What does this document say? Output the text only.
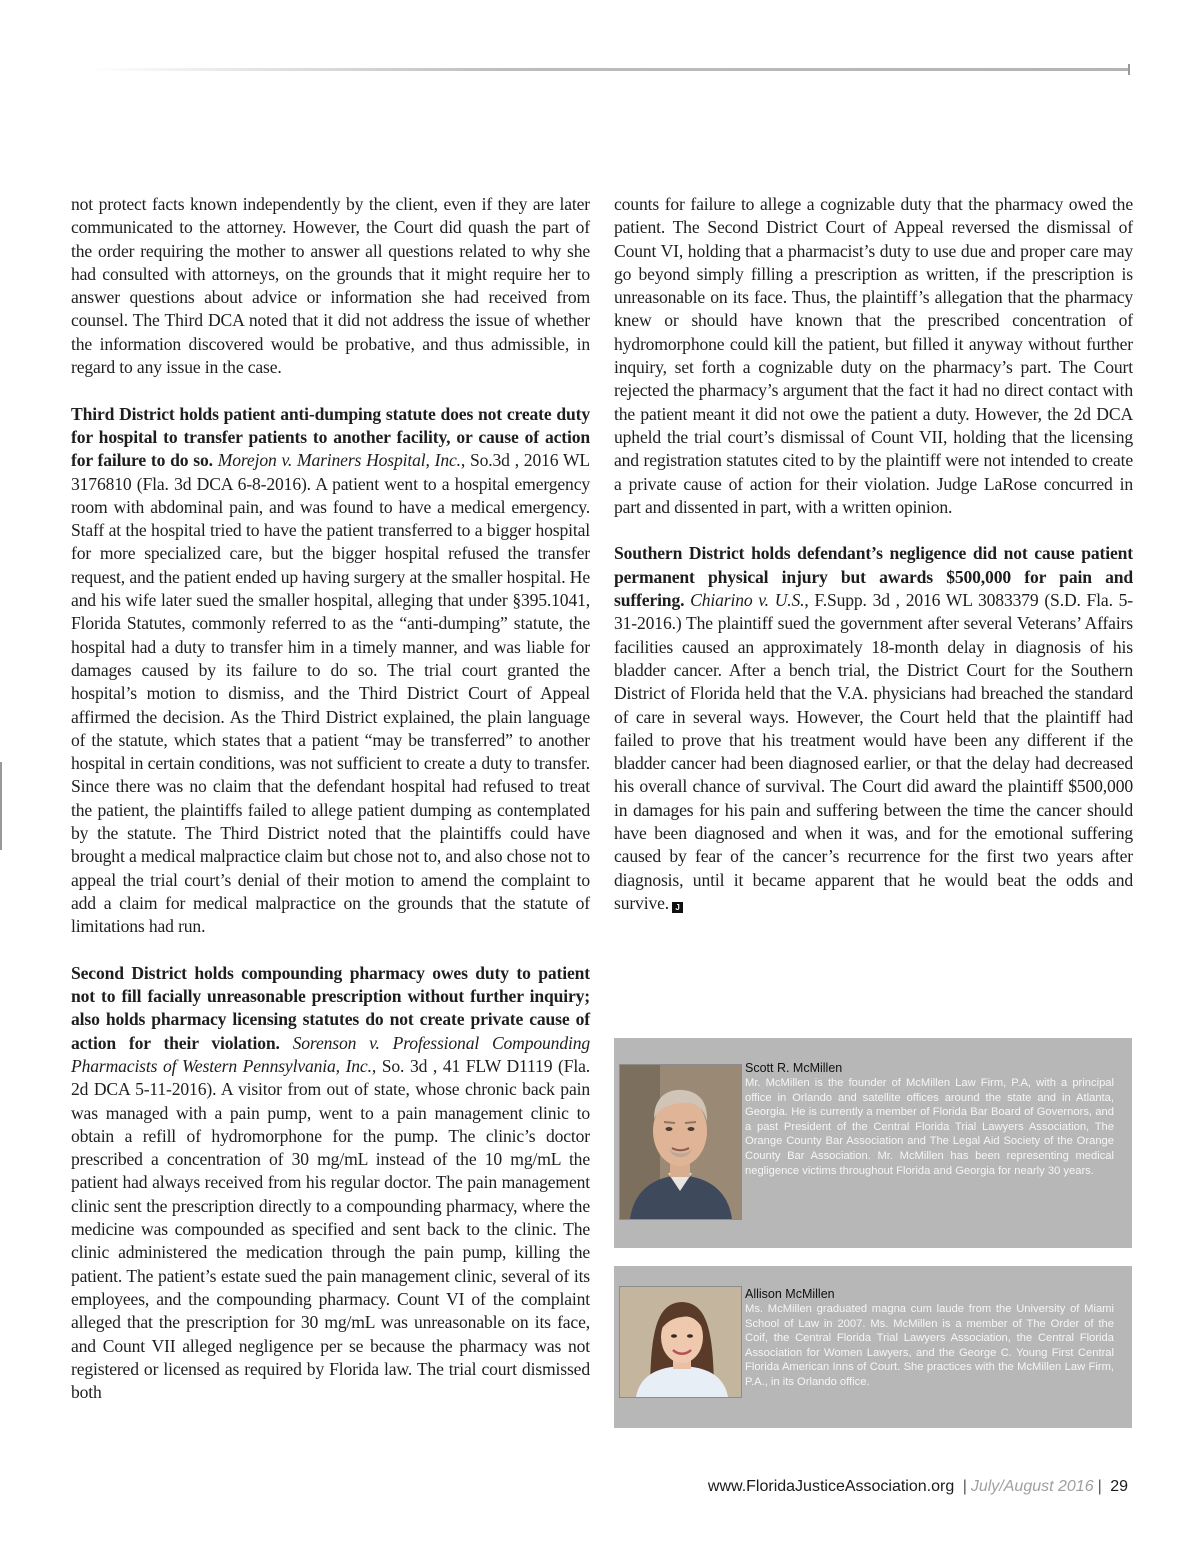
not protect facts known independently by the client, even if they are later communicated to the attorney. However, the Court did quash the part of the order requiring the mother to answer all questions related to why she had consulted with attorneys, on the grounds that it might require her to answer questions about advice or information she had received from counsel. The Third DCA noted that it did not address the issue of whether the information discovered would be probative, and thus admissible, in regard to any issue in the case.

Third District holds patient anti-dumping statute does not create duty for hospital to transfer patients to another facility, or cause of action for failure to do so. Morejon v. Mariners Hospital, Inc., So.3d , 2016 WL 3176810 (Fla. 3d DCA 6-8-2016). A patient went to a hospital emergency room with abdominal pain, and was found to have a medical emergency. Staff at the hospital tried to have the patient transferred to a bigger hospital for more specialized care, but the bigger hospital refused the transfer request, and the patient ended up having surgery at the smaller hospital. He and his wife later sued the smaller hospital, alleging that under §395.1041, Florida Statutes, commonly referred to as the “anti-dumping” statute, the hospital had a duty to transfer him in a timely manner, and was liable for damages caused by its failure to do so. The trial court granted the hospital’s motion to dismiss, and the Third District Court of Appeal affirmed the decision. As the Third District explained, the plain language of the statute, which states that a patient “may be transferred” to another hospital in certain conditions, was not sufficient to create a duty to transfer. Since there was no claim that the defendant hospital had refused to treat the patient, the plaintiffs failed to allege patient dumping as contemplated by the statute. The Third District noted that the plaintiffs could have brought a medical malpractice claim but chose not to, and also chose not to appeal the trial court’s denial of their motion to amend the complaint to add a claim for medical malpractice on the grounds that the statute of limitations had run.

Second District holds compounding pharmacy owes duty to patient not to fill facially unreasonable prescription without further inquiry; also holds pharmacy licensing statutes do not create private cause of action for their violation. Sorenson v. Professional Compounding Pharmacists of Western Pennsylvania, Inc., So. 3d , 41 FLW D1119 (Fla. 2d DCA 5-11-2016). A visitor from out of state, whose chronic back pain was managed with a pain pump, went to a pain management clinic to obtain a refill of hydromorphone for the pump. The clinic’s doctor prescribed a concentration of 30 mg/mL instead of the 10 mg/mL the patient had always received from his regular doctor. The pain management clinic sent the prescription directly to a compounding pharmacy, where the medicine was compounded as specified and sent back to the clinic. The clinic administered the medication through the pain pump, killing the patient. The patient’s estate sued the pain management clinic, several of its employees, and the compounding pharmacy. Count VI of the complaint alleged that the prescription for 30 mg/mL was unreasonable on its face, and Count VII alleged negligence per se because the pharmacy was not registered or licensed as required by Florida law. The trial court dismissed both

counts for failure to allege a cognizable duty that the pharmacy owed the patient. The Second District Court of Appeal reversed the dismissal of Count VI, holding that a pharmacist’s duty to use due and proper care may go beyond simply filling a prescription as written, if the prescription is unreasonable on its face. Thus, the plaintiff’s allegation that the pharmacy knew or should have known that the prescribed concentration of hydromorphone could kill the patient, but filled it anyway without further inquiry, set forth a cognizable duty on the pharmacy’s part. The Court rejected the pharmacy’s argument that the fact it had no direct contact with the patient meant it did not owe the patient a duty. However, the 2d DCA upheld the trial court’s dismissal of Count VII, holding that the licensing and registration statutes cited to by the plaintiff were not intended to create a private cause of action for their violation. Judge LaRose concurred in part and dissented in part, with a written opinion.

Southern District holds defendant’s negligence did not cause patient permanent physical injury but awards $500,000 for pain and suffering. Chiarino v. U.S., F.Supp. 3d , 2016 WL 3083379 (S.D. Fla. 5-31-2016.) The plaintiff sued the government after several Veterans’ Affairs facilities caused an approximately 18-month delay in diagnosis of his bladder cancer. After a bench trial, the District Court for the Southern District of Florida held that the V.A. physicians had breached the standard of care in several ways. However, the Court held that the plaintiff had failed to prove that his treatment would have been any different if the bladder cancer had been diagnosed earlier, or that the delay had decreased his overall chance of survival. The Court did award the plaintiff $500,000 in damages for his pain and suffering between the time the cancer should have been diagnosed and when it was, and for the emotional suffering caused by fear of the cancer’s recurrence for the first two years after diagnosis, until it became apparent that he would beat the odds and survive. J

Scott R. McMillen
Mr. McMillen is the founder of McMillen Law Firm, P.A, with a principal office in Orlando and satellite offices around the state and in Atlanta, Georgia. He is currently a member of Florida Bar Board of Governors, and a past President of the Central Florida Trial Lawyers Association, The Orange County Bar Association and The Legal Aid Society of the Orange County Bar Association. Mr. McMillen has been representing medical negligence victims throughout Florida and Georgia for nearly 30 years.
Allison McMillen
Ms. McMillen graduated magna cum laude from the University of Miami School of Law in 2007. Ms. McMillen is a member of The Order of the Coif, the Central Florida Trial Lawyers Association, the Central Florida Association for Women Lawyers, and the George C. Young First Central Florida American Inns of Court. She practices with the McMillen Law Firm, P.A., in its Orlando office.
www.FloridaJusticeAssociation.org | July/August 2016 | 29
